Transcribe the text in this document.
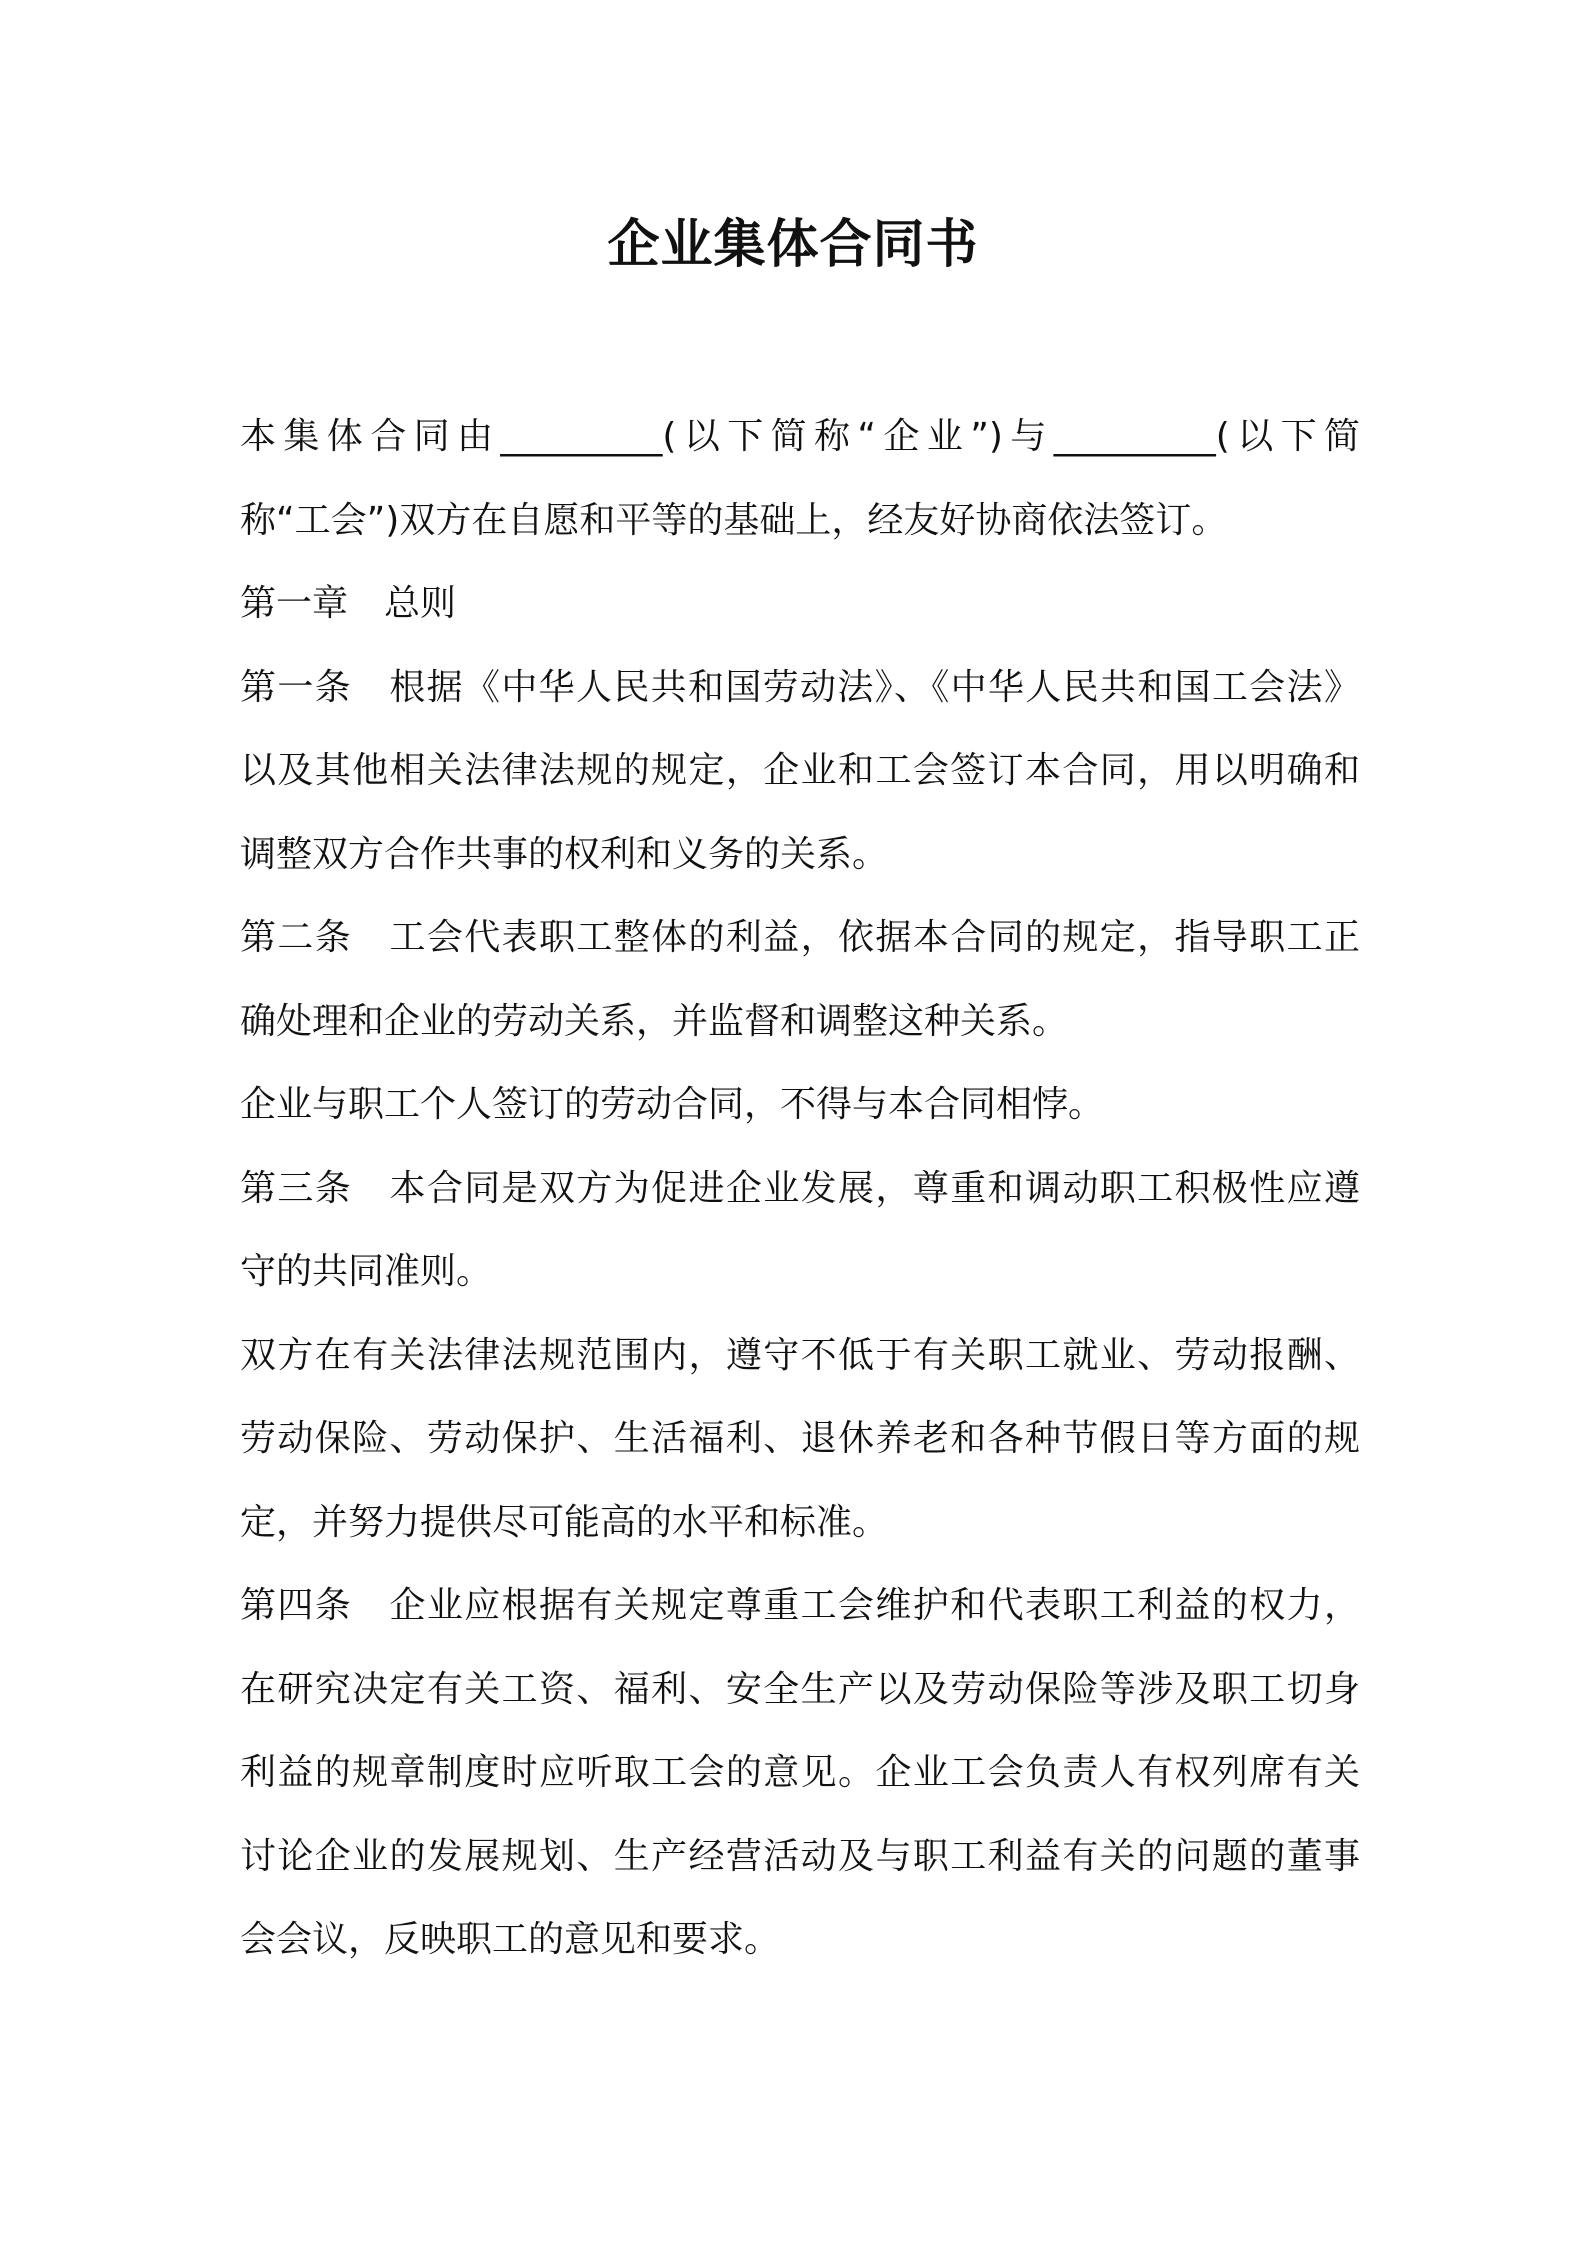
企业集体合同书
本集体合同由_________(以下简称“企业”)与_________(以下简
称“工会”)双方在自愿和平等的基础上，经友好协商依法签订。
第一章 总则
第一条 根据《中华人民共和国劳动法》、《中华人民共和国工会法》
以及其他相关法律法规的规定，企业和工会签订本合同，用以明确和
调整双方合作共事的权利和义务的关系。
第二条 工会代表职工整体的利益，依据本合同的规定，指导职工正
确处理和企业的劳动关系，并监督和调整这种关系。
企业与职工个人签订的劳动合同，不得与本合同相悖。
第三条 本合同是双方为促进企业发展，尊重和调动职工积极性应遵
守的共同准则。
双方在有关法律法规范围内，遵守不低于有关职工就业、劳动报酬、
劳动保险、劳动保护、生活福利、退休养老和各种节假日等方面的规
定，并努力提供尽可能高的水平和标准。
第四条 企业应根据有关规定尊重工会维护和代表职工利益的权力，
在研究决定有关工资、福利、安全生产以及劳动保险等涉及职工切身
利益的规章制度时应听取工会的意见。企业工会负责人有权列席有关
讨论企业的发展规划、生产经营活动及与职工利益有关的问题的董事
会会议，反映职工的意见和要求。
